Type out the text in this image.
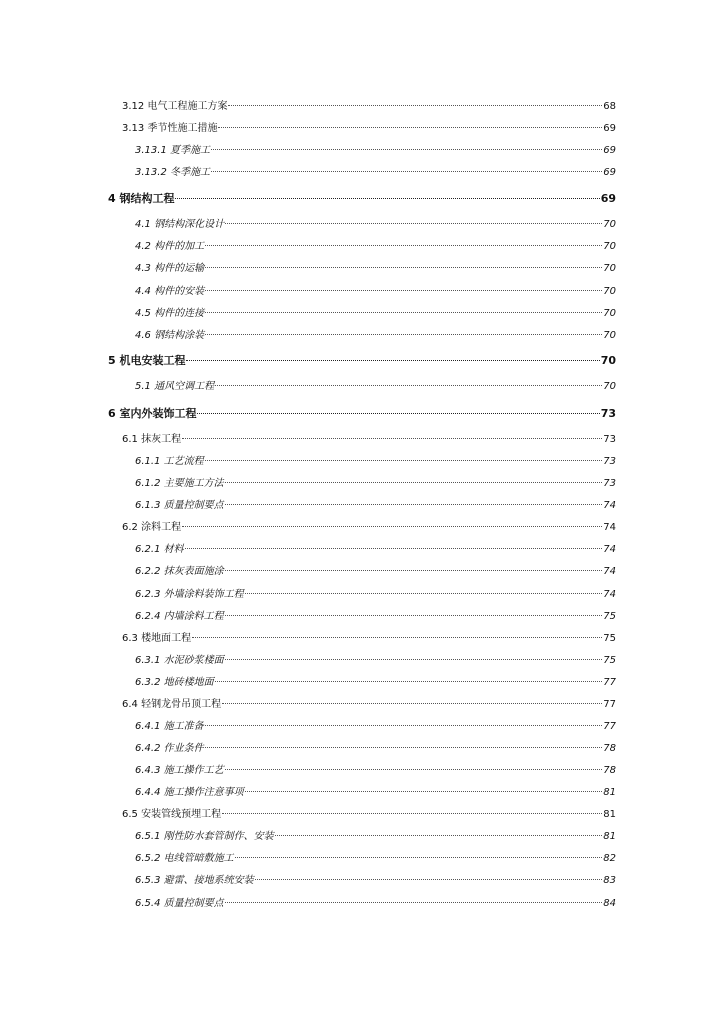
3.12 电气工程施工方案	68
3.13 季节性施工措施	69
3.13.1 夏季施工	69
3.13.2 冬季施工	69
4 钢结构工程	69
4.1 钢结构深化设计	70
4.2 构件的加工	70
4.3 构件的运输	70
4.4 构件的安装	70
4.5 构件的连接	70
4.6 钢结构涂装	70
5 机电安装工程	70
5.1 通风空调工程	70
6 室内外装饰工程	73
6.1 抹灰工程	73
6.1.1 工艺流程	73
6.1.2 主要施工方法	73
6.1.3 质量控制要点	74
6.2 涂料工程	74
6.2.1 材料	74
6.2.2 抹灰表面施涂	74
6.2.3 外墙涂料装饰工程	74
6.2.4 内墙涂料工程	75
6.3 楼地面工程	75
6.3.1 水泥砂浆楼面	75
6.3.2 地砖楼地面	77
6.4 轻钢龙骨吊顶工程	77
6.4.1 施工准备	77
6.4.2 作业条件	78
6.4.3 施工操作工艺	78
6.4.4 施工操作注意事项	81
6.5 安装管线预埋工程	81
6.5.1 刚性防水套管制作、安装	81
6.5.2 电线管暗敷施工	82
6.5.3 避雷、接地系统安装	83
6.5.4 质量控制要点	84
